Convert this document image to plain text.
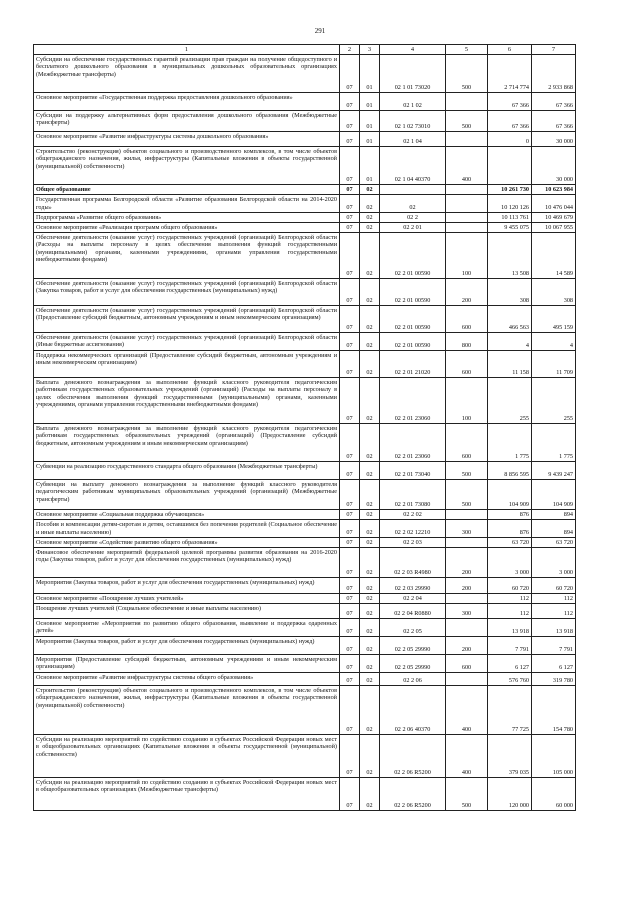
291
1	2	3	4	5	6	7
Субсидии на обеспечение государственных гарантий реализации прав граждан на получение общедоступного и бесплатного дошкольного образования в муниципальных дошкольных образовательных организациях (Межбюджетные трансферты)	07	01	02 1 01 73020	500	2 714 774	2 933 868
Основное мероприятие «Государственная поддержка предоставления дошкольного образования»	07	01	02 1 02		67 366	67 366
Субсидии на поддержку альтернативных форм предоставления дошкольного образования (Межбюджетные трансферты)	07	01	02 1 02 73010	500	67 366	67 366
Основное мероприятие «Развитие инфраструктуры системы дошкольного образования»	07	01	02 1 04		0	30 000
Строительство (реконструкция) объектов социального и производственного комплексов, в том числе объектов общегражданского назначения, жилья, инфраструктуры (Капитальные вложения в объекты государственной (муниципальной) собственности)	07	01	02 1 04 40370	400		30 000
Общее образование	07	02			10 261 730	10 623 984
Государственная программа Белгородской области «Развитие образования Белгородской области на 2014-2020 годы»	07	02	02		10 120 126	10 476 044
Подпрограмма «Развитие общего образования»	07	02	02 2		10 113 761	10 469 679
Основное мероприятие «Реализация программ общего образования»	07	02	02 2 01		9 455 075	10 067 955
Обеспечение деятельности (оказание услуг) государственных учреждений (организаций) Белгородской области (Расходы на выплаты персоналу в целях обеспечения выполнения функций государственными (муниципальными) органами, казенными учреждениями, органами управления государственными внебюджетными фондами)	07	02	02 2 01 00590	100	13 508	14 589
Обеспечение деятельности (оказание услуг) государственных учреждений (организаций) Белгородской области (Закупка товаров, работ и услуг для обеспечения государственных (муниципальных) нужд)	07	02	02 2 01 00590	200	308	308
Обеспечение деятельности (оказание услуг) государственных учреждений (организаций) Белгородской области (Предоставление субсидий бюджетным, автономным учреждениям и иным некоммерческим организациям)	07	02	02 2 01 00590	600	466 563	495 159
Обеспечение деятельности (оказание услуг) государственных учреждений (организаций) Белгородской области (Иные бюджетные ассигнования)	07	02	02 2 01 00590	800	4	4
Поддержка некоммерческих организаций (Предоставление субсидий бюджетным, автономным учреждениям и иным некоммерческим организациям)	07	02	02 2 01 21020	600	11 158	11 709
Выплата денежного вознаграждения за выполнение функций классного руководителя педагогическим работникам государственных образовательных учреждений (организаций) (Расходы на выплаты персоналу в целях обеспечения выполнения функций государственными (муниципальными) органами, казенными учреждениями, органами управления государственными внебюджетными фондами)	07	02	02 2 01 23060	100	255	255
Выплата денежного вознаграждения за выполнение функций классного руководителя педагогическим работникам государственных образовательных учреждений (организаций) (Предоставление субсидий бюджетным, автономным учреждениям и иным некоммерческим организациям)	07	02	02 2 01 23060	600	1 775	1 775
Субвенции на реализацию государственного стандарта общего образования (Межбюджетные трансферты)	07	02	02 2 01 73040	500	8 856 595	9 439 247
Субвенции на выплату денежного вознаграждения за выполнение функций классного руководителя педагогическим работникам муниципальных образовательных учреждений (организаций) (Межбюджетные трансферты)	07	02	02 2 01 73080	500	104 909	104 909
Основное мероприятие «Социальная поддержка обучающихся»	07	02	02 2 02		876	894
Пособия и компенсации детям-сиротам и детям, оставшимся без попечения родителей (Социальное обеспечение и иные выплаты населению)	07	02	02 2 02 12210	300	876	894
Основное мероприятие «Содействие развитию общего образования»	07	02	02 2 03		63 720	63 720
Финансовое обеспечение мероприятий федеральной целевой программы развития образования на 2016-2020 годы (Закупка товаров, работ и услуг для обеспечения государственных (муниципальных) нужд)	07	02	02 2 03 R4980	200	3 000	3 000
Мероприятия (Закупка товаров, работ и услуг для обеспечения государственных (муниципальных) нужд)	07	02	02 2 03 29990	200	60 720	60 720
Основное мероприятие «Поощрение лучших учителей»	07	02	02 2 04		112	112
Поощрение лучших учителей (Социальное обеспечение и иные выплаты населению)	07	02	02 2 04 R0880	300	112	112
Основное мероприятие «Мероприятия по развитию общего образования, выявление и поддержка одаренных детей»	07	02	02 2 05		13 918	13 918
Мероприятия (Закупка товаров, работ и услуг для обеспечения государственных (муниципальных) нужд)	07	02	02 2 05 29990	200	7 791	7 791
Мероприятия (Предоставление субсидий бюджетным, автономным учреждениям и иным некоммерческим организациям)	07	02	02 2 05 29990	600	6 127	6 127
Основное мероприятие «Развитие инфраструктуры системы общего образования»	07	02	02 2 06		576 760	319 780
Строительство (реконструкция) объектов социального и производственного комплексов, в том числе объектов общегражданского назначения, жилья, инфраструктуры (Капитальные вложения в объекты государственной (муниципальной) собственности)	07	02	02 2 06 40370	400	77 725	154 780
Субсидии на реализацию мероприятий по содействию созданию в субъектах Российской Федерации новых мест в общеобразовательных организациях (Капитальные вложения в объекты государственной (муниципальной) собственности)	07	02	02 2 06 R5200	400	379 035	105 000
Субсидии на реализацию мероприятий по содействию созданию в субъектах Российской Федерации новых мест в общеобразовательных организациях (Межбюджетные трансферты)	07	02	02 2 06 R5200	500	120 000	60 000
